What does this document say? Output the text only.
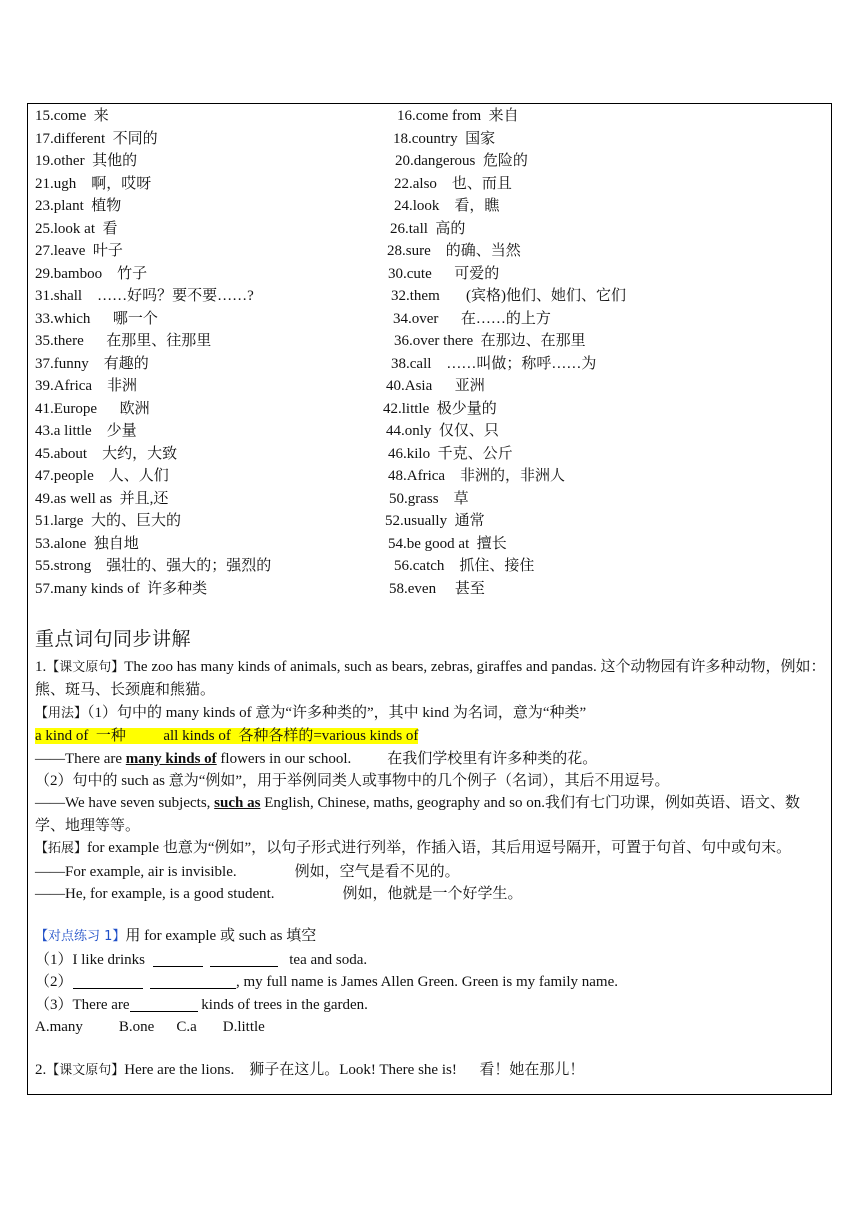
15.come  来	16.come from  来自
17.different  不同的	18.country  国家
19.other  其他的	20.dangerous  危险的
21.ugh    啊，哎呀	22.also    也、而且
23.plant  植物	24.look    看，瞧
25.look at  看	26.tall  高的
27.leave  叶子	28.sure    的确、当然
29.bamboo    竹子	30.cute      可爱的
31.shall    ……好吗？要不要……?	32.them       (宾格)他们、她们、它们
33.which      哪一个	34.over      在……的上方
35.there      在那里、往那里	36.over there  在那边、在那里
37.funny    有趣的	38.call    ……叫做；称呼……为
39.Africa    非洲	40.Asia      亚洲
41.Europe      欧洲	42.little  极少量的
43.a little    少量	44.only  仅仅、只
45.about    大约，大致	46.kilo  千克、公斤
47.people    人、人们	48.Africa    非洲的，非洲人
49.as well as  并且,还	50.grass    草
51.large  大的、巨大的	52.usually  通常
53.alone  独自地	54.be good at  擅长
55.strong    强壮的、强大的；强烈的	56.catch    抓住、接住
57.many kinds of  许多种类	58.even     甚至
重点词句同步讲解

1.【课文原句】The zoo has many kinds of animals, such as bears, zebras, giraffes and pandas. 这个动物园有许多种动物，例如：熊、斑马、长颈鹿和熊猫。

【用法】（1）句中的 many kinds of 意为“许多种类的”，其中 kind 为名词，意为“种类”

a kind of  一种          all kinds of  各种各样的=various kinds of

——There are many kinds of flowers in our school. 在我们学校里有许多种类的花。

（2）句中的 such as 意为“例如”，用于举例同类人或事物中的几个例子（名词），其后不用逗号。

——We have seven subjects, such as English, Chinese, maths, geography and so on.我们有七门功课，例如英语、语文、数学、地理等等。

【拓展】for example 也意为“例如”，以句子形式进行列举，作插入语，其后用逗号隔开，可置于句首、句中或句末。

——For example, air is invisible.	例如，空气是看不见的。

——He, for example, is a good student.	例如，他就是一个好学生。

【对点练习 1】用 for example 或 such as 填空

（1）I like drinks	tea and soda.

（2）	, my full name is James Allen Green. Green is my family name.

（3）There are	kinds of trees in the garden.

A.many B.one C.a D.little

2.【课文原句】Here are the lions.    狮子在这儿。Look! There she is!      看！她在那儿！
